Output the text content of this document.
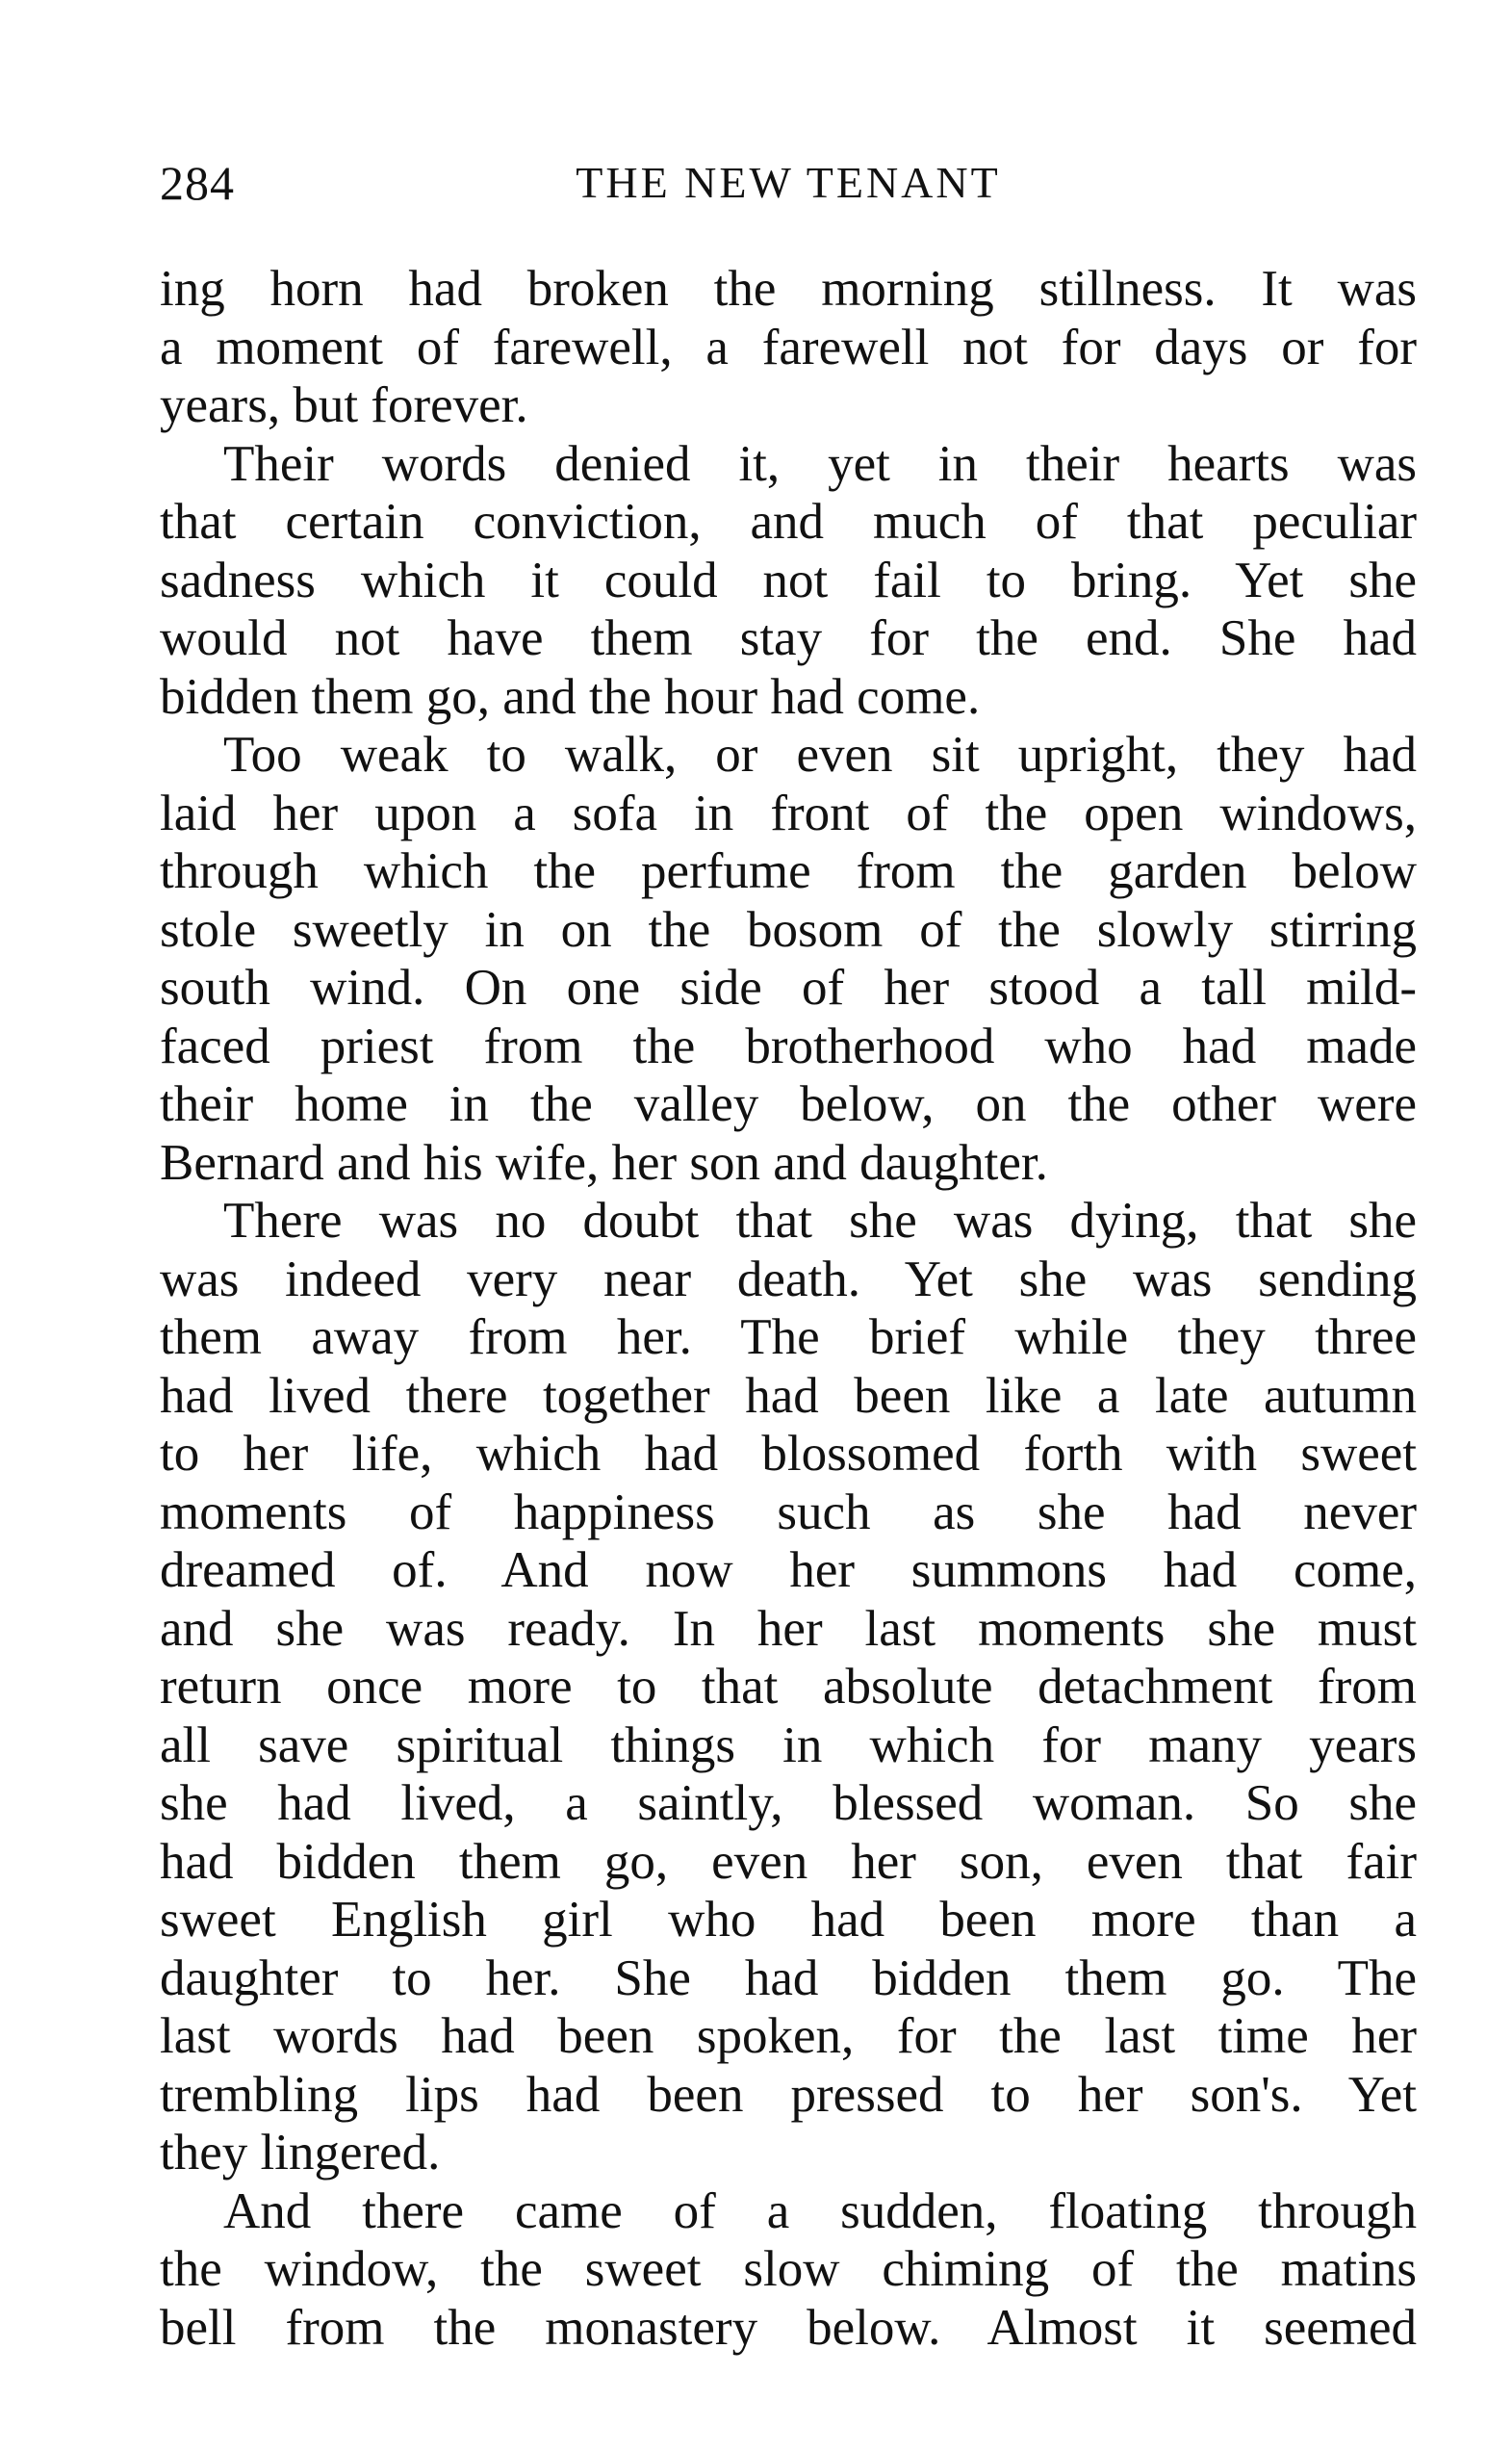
284	THE NEW TENANT
ing horn had broken the morning stillness. It was
a moment of farewell, a farewell not for days or for
years, but forever.
Their words denied it, yet in their hearts was
that certain conviction, and much of that peculiar
sadness which it could not fail to bring. Yet she
would not have them stay for the end. She had
bidden them go, and the hour had come.
Too weak to walk, or even sit upright, they had
laid her upon a sofa in front of the open windows,
through which the perfume from the garden below
stole sweetly in on the bosom of the slowly stirring
south wind. On one side of her stood a tall mild-
faced priest from the brotherhood who had made
their home in the valley below, on the other were
Bernard and his wife, her son and daughter.
There was no doubt that she was dying, that she
was indeed very near death. Yet she was sending
them away from her. The brief while they three
had lived there together had been like a late autumn
to her life, which had blossomed forth with sweet
moments of happiness such as she had never
dreamed of. And now her summons had come,
and she was ready. In her last moments she must
return once more to that absolute detachment from
all save spiritual things in which for many years
she had lived, a saintly, blessed woman. So she
had bidden them go, even her son, even that fair
sweet English girl who had been more than a
daughter to her. She had bidden them go. The
last words had been spoken, for the last time her
trembling lips had been pressed to her son's. Yet
they lingered.
And there came of a sudden, floating through
the window, the sweet slow chiming of the matins
bell from the monastery below. Almost it seemed
